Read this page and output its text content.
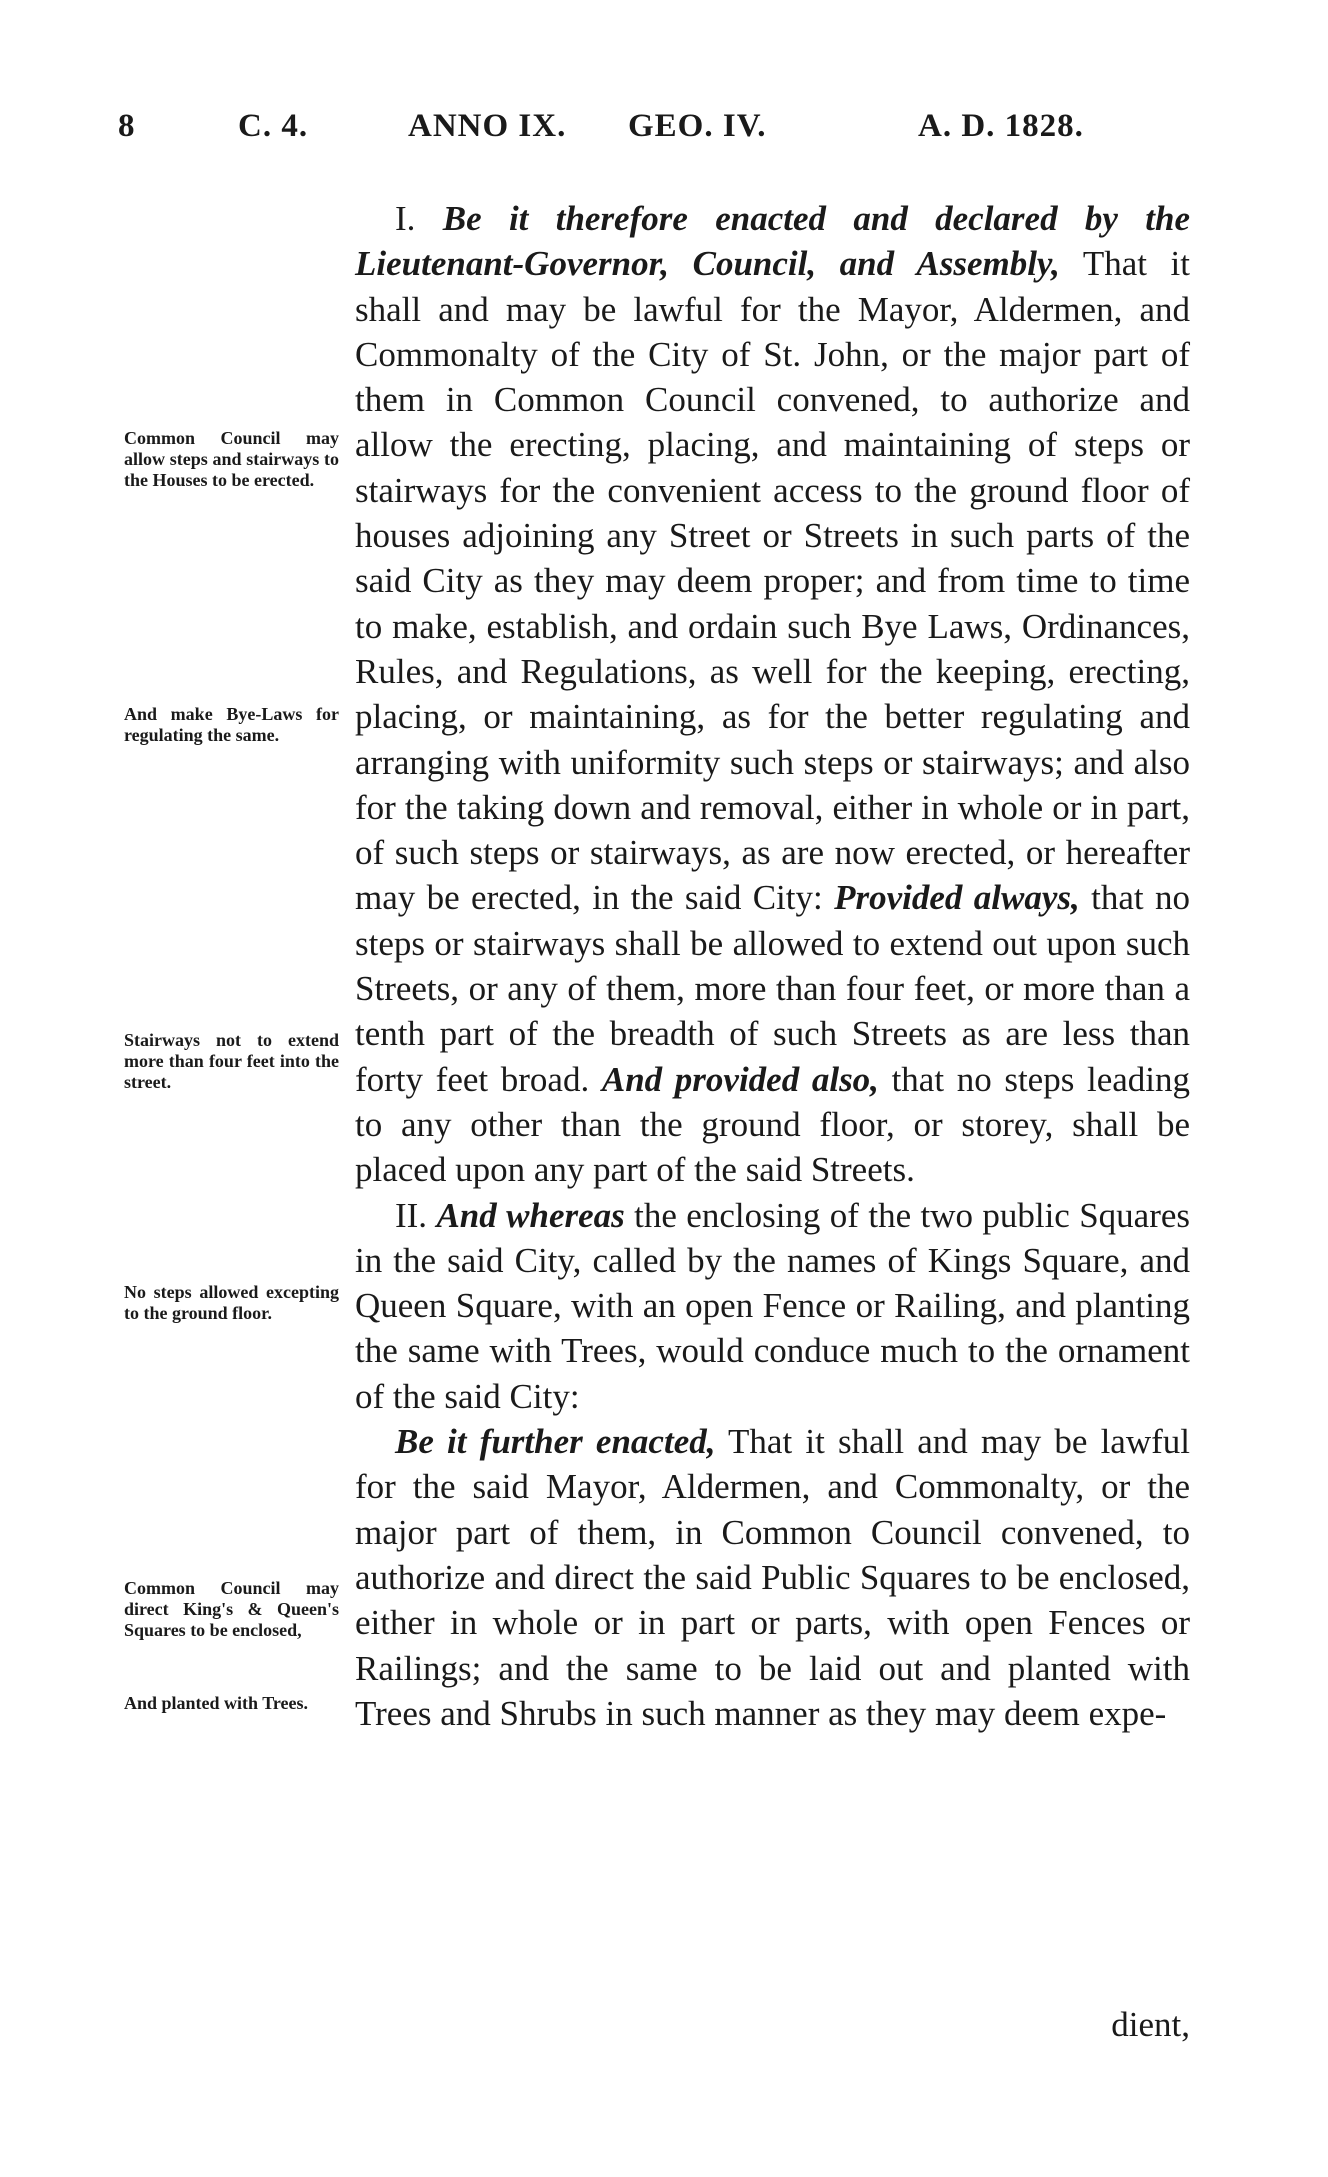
8	C. 4.	ANNO IX. GEO. IV.	A. D. 1828.
Common Council may allow steps and stairways to the Houses to be erected.
And make Bye-Laws for regulating the same.
Stairways not to extend more than four feet into the street.
No steps allowed excepting to the ground floor.
Common Council may direct King's & Queen's Squares to be enclosed,
And planted with Trees.

I. Be it therefore enacted and declared by the Lieutenant-Governor, Council, and Assembly, That it shall and may be lawful for the Mayor, Aldermen, and Commonalty of the City of St. John, or the major part of them in Common Council convened, to authorize and allow the erecting, placing, and maintaining of steps or stairways for the convenient access to the ground floor of houses adjoining any Street or Streets in such parts of the said City as they may deem proper; and from time to time to make, establish, and ordain such Bye Laws, Ordinances, Rules, and Regulations, as well for the keeping, erecting, placing, or maintaining, as for the better regulating and arranging with uniformity such steps or stairways; and also for the taking down and removal, either in whole or in part, of such steps or stairways, as are now erected, or hereafter may be erected, in the said City: Provided always, that no steps or stairways shall be allowed to extend out upon such Streets, or any of them, more than four feet, or more than a tenth part of the breadth of such Streets as are less than forty feet broad. And provided also, that no steps leading to any other than the ground floor, or storey, shall be placed upon any part of the said Streets.

II. And whereas the enclosing of the two public Squares in the said City, called by the names of Kings Square, and Queen Square, with an open Fence or Railing, and planting the same with Trees, would conduce much to the ornament of the said City:

Be it further enacted, That it shall and may be lawful for the said Mayor, Aldermen, and Commonalty, or the major part of them, in Common Council convened, to authorize and direct the said Public Squares to be enclosed, either in whole or in part or parts, with open Fences or Railings; and the same to be laid out and planted with Trees and Shrubs in such manner as they may deem expe-

dient,
